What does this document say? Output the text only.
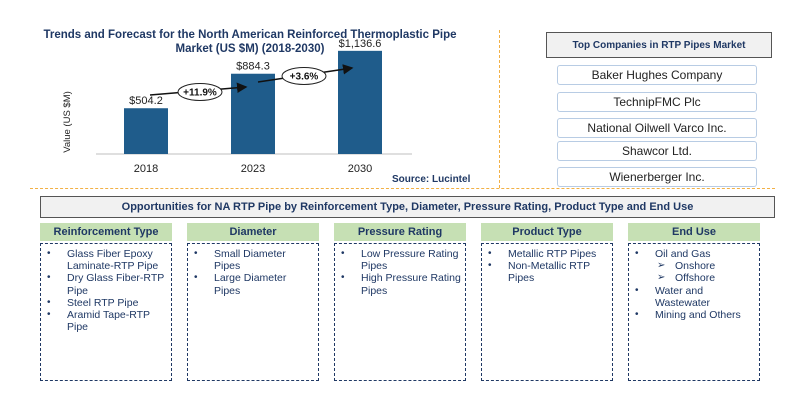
Trends and Forecast for the North American Reinforced Thermoplastic Pipe Market (US $M) (2018-2030)
Value (US $M)	$504.2
2018
$884.3
2023
$1,136.6
2030
+11.9%
+3.6%
Source: Lucintel
Top Companies in RTP Pipes Market
Baker Hughes Company
TechnipFMC Plc
National Oilwell Varco Inc.
Shawcor Ltd.
Wienerberger Inc.
Opportunities for NA RTP Pipe by Reinforcement Type, Diameter, Pressure Rating, Product Type and End Use
Reinforcement Type
• Glass Fiber Epoxy Laminate-RTP Pipe
• Dry Glass Fiber-RTP Pipe
• Steel RTP Pipe
• Aramid Tape-RTP Pipe
Diameter
• Small Diameter Pipes
• Large Diameter Pipes
Pressure Rating
• Low Pressure Rating Pipes
• High Pressure Rating Pipes
Product Type
• Metallic RTP Pipes
• Non-Metallic RTP Pipes
End Use
• Oil and Gas
➢ Onshore
➢ Offshore
• Water and Wastewater
• Mining and Others
